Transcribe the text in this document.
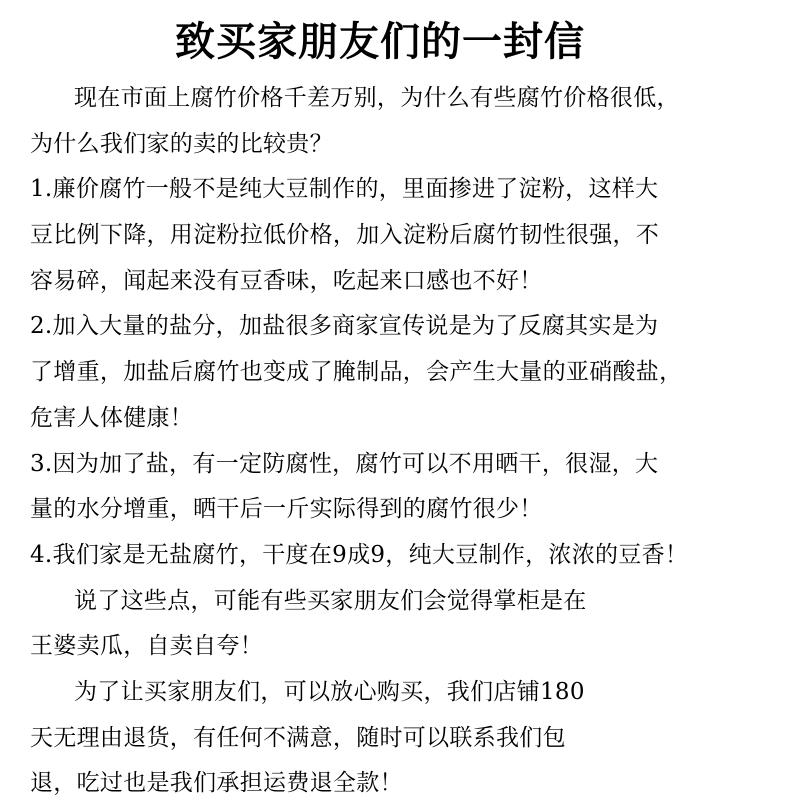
致买家朋友们的一封信
现在市面上腐竹价格千差万别，为什么有些腐竹价格很低，
为什么我们家的卖的比较贵？
1.廉价腐竹一般不是纯大豆制作的，里面掺进了淀粉，这样大
豆比例下降，用淀粉拉低价格，加入淀粉后腐竹韧性很强，不
容易碎，闻起来没有豆香味，吃起来口感也不好！
2.加入大量的盐分，加盐很多商家宣传说是为了反腐其实是为
了增重，加盐后腐竹也变成了腌制品，会产生大量的亚硝酸盐，
危害人体健康！
3.因为加了盐，有一定防腐性，腐竹可以不用晒干，很湿，大
量的水分增重，晒干后一斤实际得到的腐竹很少！
4.我们家是无盐腐竹，干度在9成9，纯大豆制作，浓浓的豆香！
说了这些点，可能有些买家朋友们会觉得掌柜是在
王婆卖瓜，自卖自夸！
为了让买家朋友们，可以放心购买，我们店铺180
天无理由退货，有任何不满意，随时可以联系我们包
退，吃过也是我们承担运费退全款！
